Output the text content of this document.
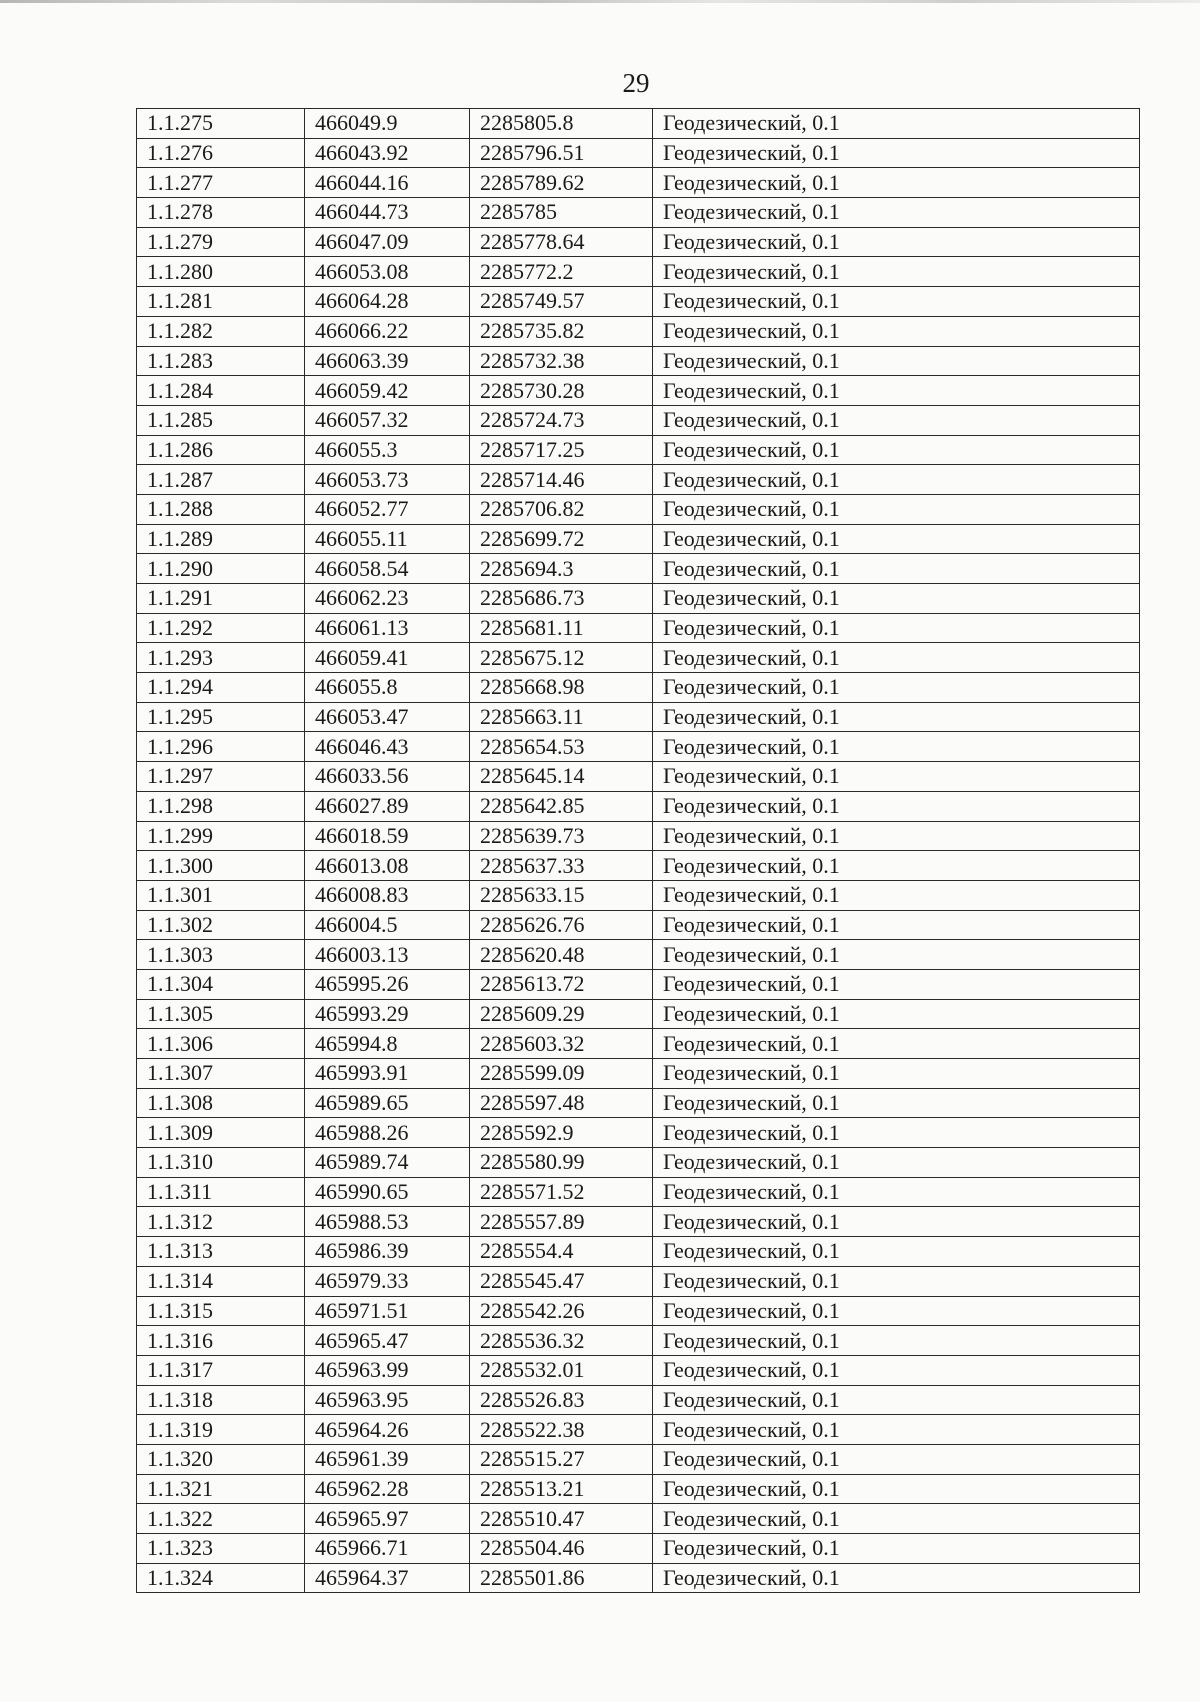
29
1.1.275	466049.9	2285805.8	Геодезический, 0.1
1.1.276	466043.92	2285796.51	Геодезический, 0.1
1.1.277	466044.16	2285789.62	Геодезический, 0.1
1.1.278	466044.73	2285785	Геодезический, 0.1
1.1.279	466047.09	2285778.64	Геодезический, 0.1
1.1.280	466053.08	2285772.2	Геодезический, 0.1
1.1.281	466064.28	2285749.57	Геодезический, 0.1
1.1.282	466066.22	2285735.82	Геодезический, 0.1
1.1.283	466063.39	2285732.38	Геодезический, 0.1
1.1.284	466059.42	2285730.28	Геодезический, 0.1
1.1.285	466057.32	2285724.73	Геодезический, 0.1
1.1.286	466055.3	2285717.25	Геодезический, 0.1
1.1.287	466053.73	2285714.46	Геодезический, 0.1
1.1.288	466052.77	2285706.82	Геодезический, 0.1
1.1.289	466055.11	2285699.72	Геодезический, 0.1
1.1.290	466058.54	2285694.3	Геодезический, 0.1
1.1.291	466062.23	2285686.73	Геодезический, 0.1
1.1.292	466061.13	2285681.11	Геодезический, 0.1
1.1.293	466059.41	2285675.12	Геодезический, 0.1
1.1.294	466055.8	2285668.98	Геодезический, 0.1
1.1.295	466053.47	2285663.11	Геодезический, 0.1
1.1.296	466046.43	2285654.53	Геодезический, 0.1
1.1.297	466033.56	2285645.14	Геодезический, 0.1
1.1.298	466027.89	2285642.85	Геодезический, 0.1
1.1.299	466018.59	2285639.73	Геодезический, 0.1
1.1.300	466013.08	2285637.33	Геодезический, 0.1
1.1.301	466008.83	2285633.15	Геодезический, 0.1
1.1.302	466004.5	2285626.76	Геодезический, 0.1
1.1.303	466003.13	2285620.48	Геодезический, 0.1
1.1.304	465995.26	2285613.72	Геодезический, 0.1
1.1.305	465993.29	2285609.29	Геодезический, 0.1
1.1.306	465994.8	2285603.32	Геодезический, 0.1
1.1.307	465993.91	2285599.09	Геодезический, 0.1
1.1.308	465989.65	2285597.48	Геодезический, 0.1
1.1.309	465988.26	2285592.9	Геодезический, 0.1
1.1.310	465989.74	2285580.99	Геодезический, 0.1
1.1.311	465990.65	2285571.52	Геодезический, 0.1
1.1.312	465988.53	2285557.89	Геодезический, 0.1
1.1.313	465986.39	2285554.4	Геодезический, 0.1
1.1.314	465979.33	2285545.47	Геодезический, 0.1
1.1.315	465971.51	2285542.26	Геодезический, 0.1
1.1.316	465965.47	2285536.32	Геодезический, 0.1
1.1.317	465963.99	2285532.01	Геодезический, 0.1
1.1.318	465963.95	2285526.83	Геодезический, 0.1
1.1.319	465964.26	2285522.38	Геодезический, 0.1
1.1.320	465961.39	2285515.27	Геодезический, 0.1
1.1.321	465962.28	2285513.21	Геодезический, 0.1
1.1.322	465965.97	2285510.47	Геодезический, 0.1
1.1.323	465966.71	2285504.46	Геодезический, 0.1
1.1.324	465964.37	2285501.86	Геодезический, 0.1
